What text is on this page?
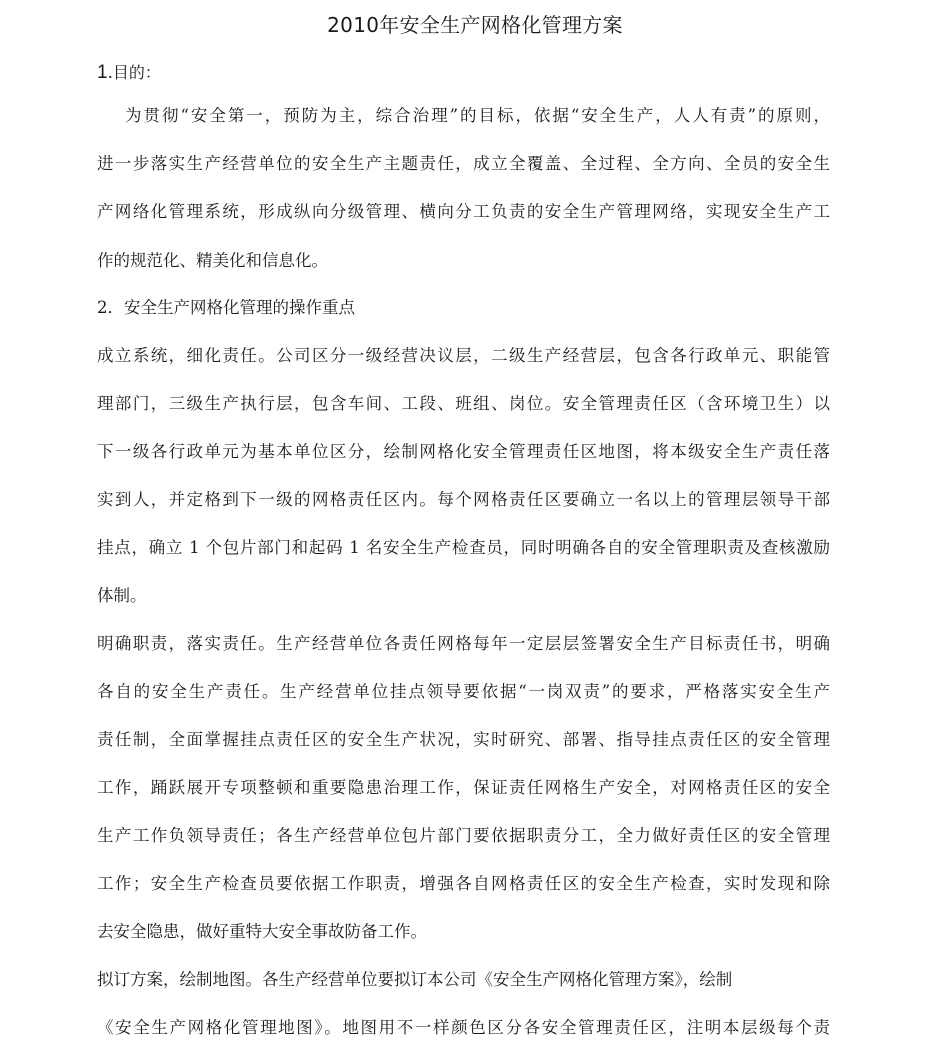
2010年安全生产网格化管理方案
1.目的：
为贯彻“安全第一，预防为主，综合治理”的目标，依据“安全生产，人人有责”的原则，
进一步落实生产经营单位的安全生产主题责任，成立全覆盖、全过程、全方向、全员的安全生
产网络化管理系统，形成纵向分级管理、横向分工负责的安全生产管理网络，实现安全生产工
作的规范化、精美化和信息化。
2．安全生产网格化管理的操作重点
成立系统，细化责任。公司区分一级经营决议层，二级生产经营层，包含各行政单元、职能管
理部门，三级生产执行层，包含车间、工段、班组、岗位。安全管理责任区（含环境卫生）以
下一级各行政单元为基本单位区分，绘制网格化安全管理责任区地图，将本级安全生产责任落
实到人，并定格到下一级的网格责任区内。每个网格责任区要确立一名以上的管理层领导干部
挂点，确立 1 个包片部门和起码 1 名安全生产检查员，同时明确各自的安全管理职责及查核激励
体制。
明确职责，落实责任。生产经营单位各责任网格每年一定层层签署安全生产目标责任书，明确
各自的安全生产责任。生产经营单位挂点领导要依据“一岗双责”的要求，严格落实安全生产
责任制，全面掌握挂点责任区的安全生产状况，实时研究、部署、指导挂点责任区的安全管理
工作，踊跃展开专项整顿和重要隐患治理工作，保证责任网格生产安全，对网格责任区的安全
生产工作负领导责任；各生产经营单位包片部门要依据职责分工，全力做好责任区的安全管理
工作；安全生产检查员要依据工作职责，增强各自网格责任区的安全生产检查，实时发现和除
去安全隐患，做好重特大安全事故防备工作。
拟订方案，绘制地图。各生产经营单位要拟订本公司《安全生产网格化管理方案》，绘制
《安全生产网格化管理地图》。地图用不一样颜色区分各安全管理责任区，注明本层级每个责
